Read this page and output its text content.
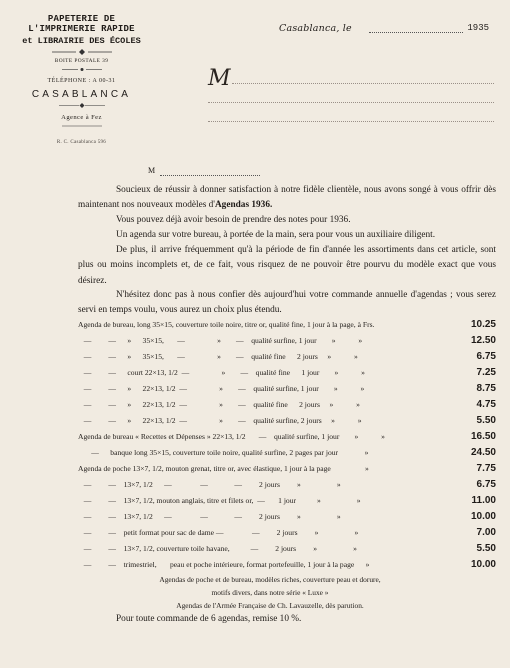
PAPETERIE DE L'IMPRIMERIE RAPIDE
et LIBRAIRIE DES ÉCOLES
BOITE POSTALE 39
TÉLÉPHONE : A 00-31
CASABLANCA
Agence à Fez
R. C. Casablanca 596
Casablanca, le	1935
M
M
Soucieux de réussir à donner satisfaction à notre fidèle clientèle, nous avons songé à vous offrir dès maintenant nos nouveaux modèles d'Agendas 1936.
Vous pouvez déjà avoir besoin de prendre des notes pour 1936.
Un agenda sur votre bureau, à portée de la main, sera pour vous un auxiliaire diligent.
De plus, il arrive fréquemment qu'à la période de fin d'année les assortiments dans cet article, sont plus ou moins incomplets et, de ce fait, vous risquez de ne pouvoir être pourvu du modèle exact que vous désirez.
N'hésitez donc pas à nous confier dès aujourd'hui votre commande annuelle d'agendas ; vous serez servi en temps voulu, vous aurez un choix plus étendu.
Agenda de bureau, long 35×15, couverture toile noire, titre or, qualité fine, 1 jour à la page, à Frs.	10.25
—         —      »      35×15,       —                 »        —    qualité surfine, 1 jour        »            »	12.50
—         —      »      35×15,       —                 »        —    qualité fine      2 jours     »            »	6.75
—         —      court 22×13, 1/2  —                 »        —    qualité fine      1 jour        »            »	7.25
—         —      »      22×13, 1/2  —                 »        —    qualité surfine, 1 jour        »            »	8.75
—         —      »      22×13, 1/2  —                 »        —    qualité fine      2 jours     »            »	4.75
—         —      »      22×13, 1/2  —                 »        —    qualité surfine, 2 jours     »            »	5.50
Agenda de bureau « Recettes et Dépenses » 22×13, 1/2       —    qualité surfine, 1 jour        »            »	16.50
—      banque long 35×15, couverture toile noire, qualité surfine, 2 pages par jour              »	24.50
Agenda de poche 13×7, 1/2, mouton grenat, titre or, avec élastique, 1 jour à la page                  »	7.75
—         —    13×7, 1/2      —               —              —         2 jours         »                   »	6.75
—         —    13×7, 1/2, mouton anglais, titre et filets or,  —       1 jour           »                   »	11.00
—         —    13×7, 1/2      —               —              —         2 jours         »                   »	10.00
—         —    petit format pour sac de dame —               —         2 jours         »                   »	7.00
—         —    13×7, 1/2, couverture toile havane,           —         2 jours         »                   »	5.50
—         —    trimestriel,       peau et poche intérieure, format portefeuille, 1 jour à la page      »	10.00
Agendas de poche et de bureau, modèles riches, couverture peau et dorure,
motifs divers, dans notre série « Luxe »
Agendas de l'Armée Française de Ch. Lavauzelle, dès parution.
Pour toute commande de 6 agendas, remise 10 %.
